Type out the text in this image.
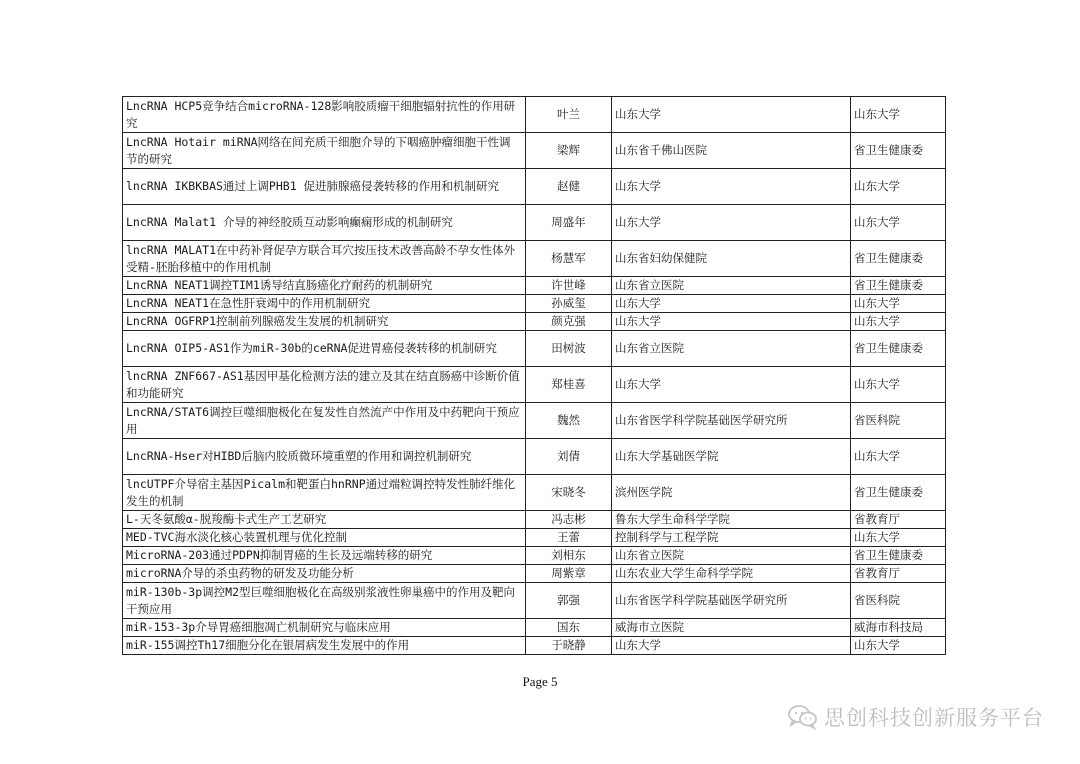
LncRNA HCP5竞争结合microRNA-128影响胶质瘤干细胞辐射抗性的作用研究	叶兰	山东大学	山东大学
LncRNA Hotair miRNA网络在间充质干细胞介导的下咽癌肿瘤细胞干性调节的研究	梁辉	山东省千佛山医院	省卫生健康委
lncRNA IKBKBAS通过上调PHB1 促进肺腺癌侵袭转移的作用和机制研究	赵健	山东大学	山东大学
LncRNA Malat1 介导的神经胶质互动影响癫痫形成的机制研究	周盛年	山东大学	山东大学
lncRNA MALAT1在中药补肾促孕方联合耳穴按压技术改善高龄不孕女性体外受精-胚胎移植中的作用机制	杨慧军	山东省妇幼保健院	省卫生健康委
LncRNA NEAT1调控TIM1诱导结直肠癌化疗耐药的机制研究	许世峰	山东省立医院	省卫生健康委
LncRNA NEAT1在急性肝衰竭中的作用机制研究	孙威玺	山东大学	山东大学
LncRNA OGFRP1控制前列腺癌发生发展的机制研究	颜克强	山东大学	山东大学
LncRNA OIP5-AS1作为miR-30b的ceRNA促进胃癌侵袭转移的机制研究	田树波	山东省立医院	省卫生健康委
lncRNA ZNF667-AS1基因甲基化检测方法的建立及其在结直肠癌中诊断价值和功能研究	郑桂喜	山东大学	山东大学
LncRNA/STAT6调控巨噬细胞极化在复发性自然流产中作用及中药靶向干预应用	魏然	山东省医学科学院基础医学研究所	省医科院
LncRNA-Hser对HIBD后脑内胶质微环境重塑的作用和调控机制研究	刘倩	山东大学基础医学院	山东大学
lncUTPF介导宿主基因Picalm和靶蛋白hnRNP通过端粒调控特发性肺纤维化发生的机制	宋晓冬	滨州医学院	省卫生健康委
L-天冬氨酸α-脱羧酶卡式生产工艺研究	冯志彬	鲁东大学生命科学学院	省教育厅
MED-TVC海水淡化核心装置机理与优化控制	王蕾	控制科学与工程学院	山东大学
MicroRNA-203通过PDPN抑制胃癌的生长及远端转移的研究	刘相东	山东省立医院	省卫生健康委
microRNA介导的杀虫药物的研发及功能分析	周紫章	山东农业大学生命科学学院	省教育厅
miR-130b-3p调控M2型巨噬细胞极化在高级别浆液性卵巢癌中的作用及靶向干预应用	郭强	山东省医学科学院基础医学研究所	省医科院
miR-153-3p介导胃癌细胞凋亡机制研究与临床应用	国东	威海市立医院	威海市科技局
miR-155调控Th17细胞分化在银屑病发生发展中的作用	于晓静	山东大学	山东大学
Page 5
思创科技创新服务平台
